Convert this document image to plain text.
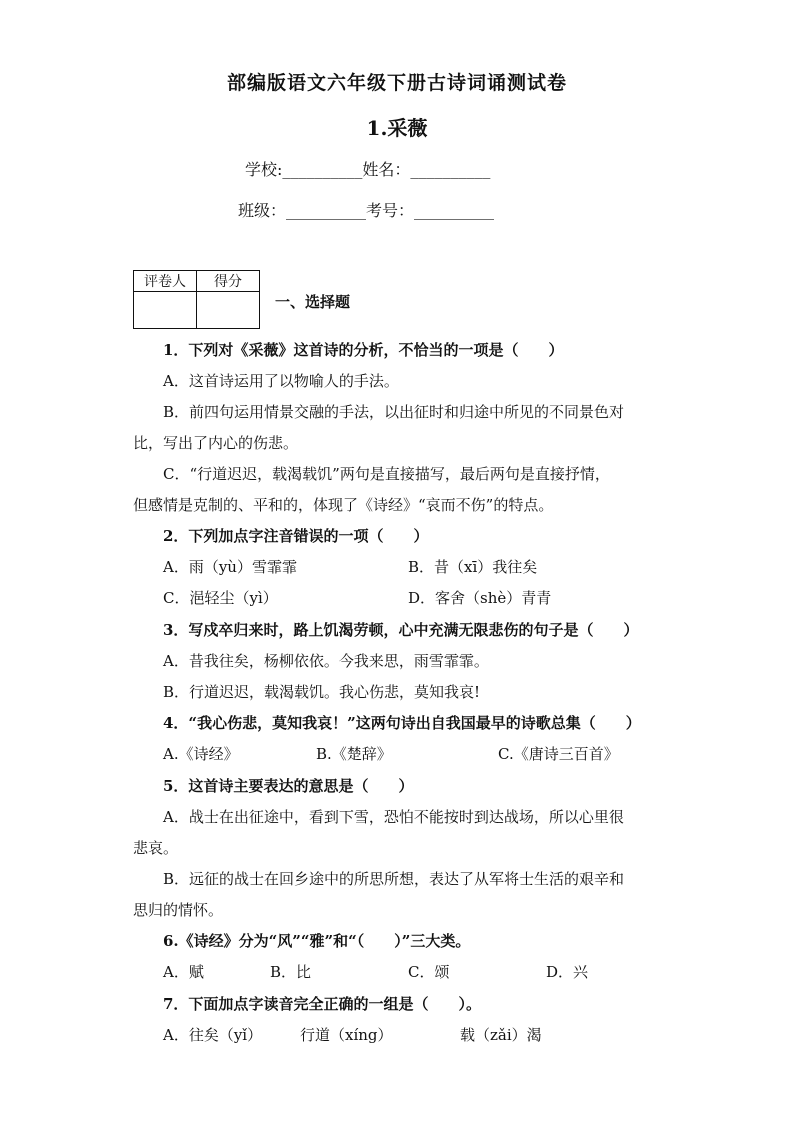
部编版语文六年级下册古诗词诵测试卷
1.采薇
学校:__________姓名：__________
班级：__________考号：__________
评卷人	得分

一、选择题
1．下列对《采薇》这首诗的分析，不恰当的一项是（　　）
A．这首诗运用了以物喻人的手法。
B．前四句运用情景交融的手法，以出征时和归途中所见的不同景色对
比，写出了内心的伤悲。
C．“行道迟迟，载渴载饥”两句是直接描写，最后两句是直接抒情，
但感情是克制的、平和的，体现了《诗经》“哀而不伤”的特点。
2．下列加点字注音错误的一项（　　）
A．雨（yù）雪霏霏	B．昔（xī）我往矣
C．浥轻尘（yì）	D．客舍（shè）青青
3．写戍卒归来时，路上饥渴劳顿，心中充满无限悲伤的句子是（　　）
A．昔我往矣，杨柳依依。今我来思，雨雪霏霏。
B．行道迟迟，载渴载饥。我心伤悲，莫知我哀!
4．“我心伤悲，莫知我哀！”这两句诗出自我国最早的诗歌总集（　　）
A.《诗经》	B.《楚辞》	C.《唐诗三百首》
5．这首诗主要表达的意思是（　　）
A．战士在出征途中，看到下雪，恐怕不能按时到达战场，所以心里很
悲哀。
B．远征的战士在回乡途中的所思所想，表达了从军将士生活的艰辛和
思归的情怀。
6.《诗经》分为“风”“雅”和“（　　）”三大类。
A．赋	B．比	C．颂	D．兴
7．下面加点字读音完全正确的一组是（　　）。
A．往矣（yǐ）	行道（xíng）	载（zǎi）渴
